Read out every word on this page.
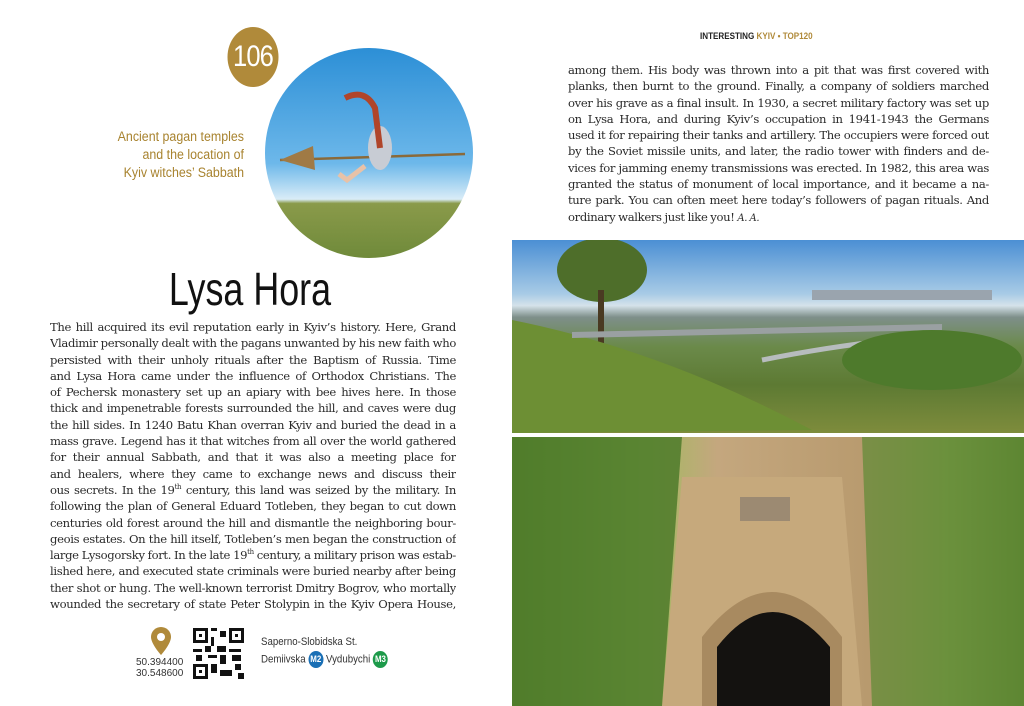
INTERESTING KYIV • TOP120
106
Ancient pagan temples
and the location of
Kyiv witches’ Sabbath
Lysa Hora
The hill acquired its evil reputation early in Kyiv’s history. Here, Grand
Vladimir personally dealt with the pagans unwanted by his new faith who
persisted with their unholy rituals after the Baptism of Russia. Time
and Lysa Hora came under the influence of Orthodox Christians. The
of Pechersk monastery set up an apiary with bee hives here. In those
thick and impenetrable forests surrounded the hill, and caves were dug
the hill sides. In 1240 Batu Khan overran Kyiv and buried the dead in a
mass grave. Legend has it that witches from all over the world gathered
for their annual Sabbath, and that it was also a meeting place for
and healers, where they came to exchange news and discuss their
ous secrets. In the 19th century, this land was seized by the military. In
following the plan of General Eduard Totleben, they began to cut down
centuries old forest around the hill and dismantle the neighboring bour-
geois estates. On the hill itself, Totleben’s men began the construction of
large Lysogorsky fort. In the late 19th century, a military prison was estab-
lished here, and executed state criminals were buried nearby after being
ther shot or hung. The well-known terrorist Dmitry Bogrov, who mortally
wounded the secretary of state Peter Stolypin in the Kyiv Opera House,
among them. His body was thrown into a pit that was first covered with
planks, then burnt to the ground. Finally, a company of soldiers marched
over his grave as a final insult. In 1930, a secret military factory was set up
on Lysa Hora, and during Kyiv’s occupation in 1941-1943 the Germans
used it for repairing their tanks and artillery. The occupiers were forced out
by the Soviet missile units, and later, the radio tower with finders and de-
vices for jamming enemy transmissions was erected. In 1982, this area was
granted the status of monument of local importance, and it became a na-
ture park. You can often meet here today’s followers of pagan rituals. And
ordinary walkers just like you! A. A.
50.394400
30.548600
Saperno-Slobidska St.
Demiivska M2 Vydubychi M3
